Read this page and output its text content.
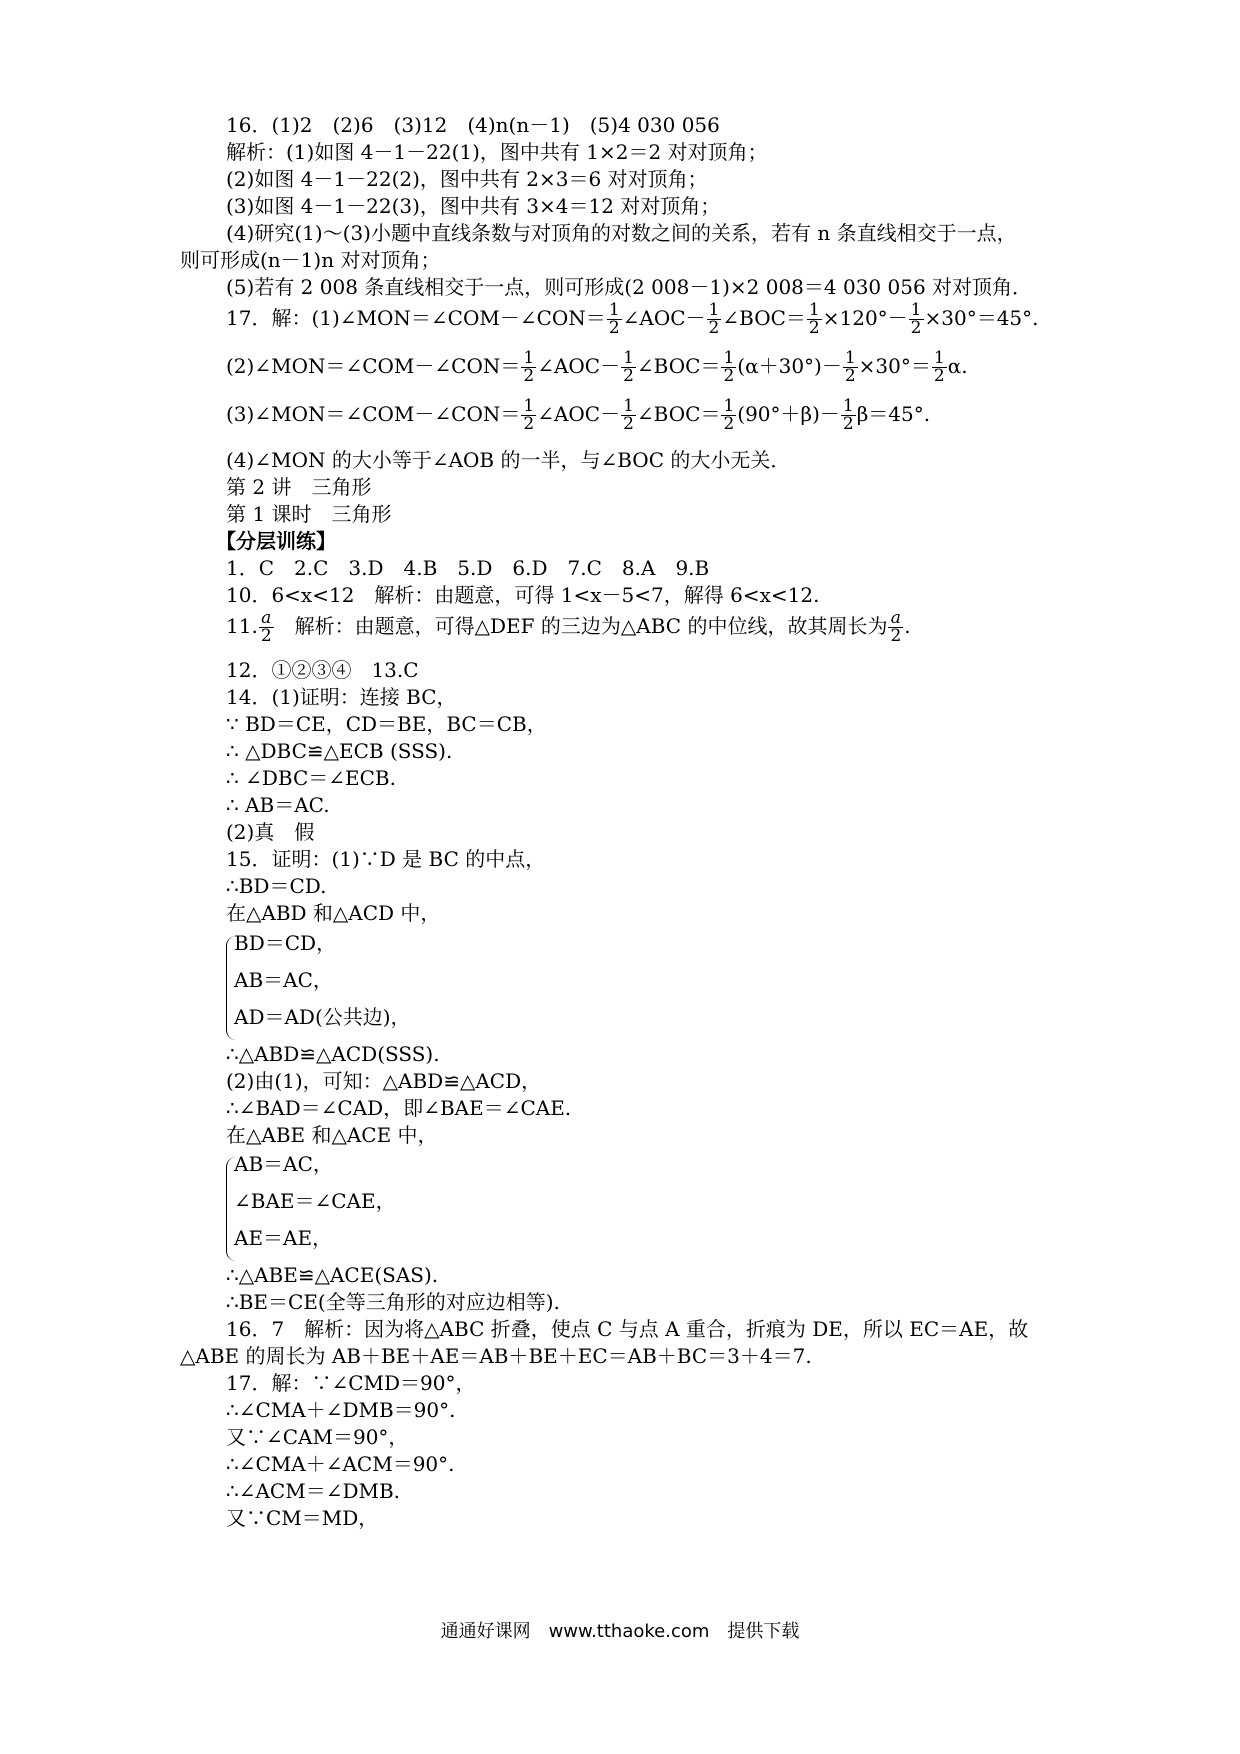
16．(1)2　(2)6　(3)12　(4)n(n－1)　(5)4 030 056
解析：(1)如图 4－1－22(1)，图中共有 1×2＝2 对对顶角；
(2)如图 4－1－22(2)，图中共有 2×3＝6 对对顶角；
(3)如图 4－1－22(3)，图中共有 3×4＝12 对对顶角；
(4)研究(1)～(3)小题中直线条数与对顶角的对数之间的关系，若有 n 条直线相交于一点，
则可形成(n－1)n 对对顶角；
(5)若有 2 008 条直线相交于一点，则可形成(2 008－1)×2 008＝4 030 056 对对顶角．
17．解：(1)∠MON＝∠COM－∠CON＝ $\frac{1}{2}$ ∠AOC－ $\frac{1}{2}$ ∠BOC＝ $\frac{1}{2} \times 120^\circ- \frac{1}{2} \times 30^\circ=45^\circ$.
(2)∠MON＝∠COM－∠CON＝ $\frac{1}{2}$ ∠AOC－ $\frac{1}{2}$ ∠BOC＝ $\frac{1}{2} (\alpha+30^\circ)- \frac{1}{2} \times 30^\circ= \frac{1}{2} \alpha$.
(3)∠MON＝∠COM－∠CON＝ $\frac{1}{2}$ ∠AOC－ $\frac{1}{2}$ ∠BOC＝ $\frac{1}{2} (90^\circ+\beta)- \frac{1}{2} \beta=45^\circ$.
(4)∠MON 的大小等于∠AOB 的一半，与∠BOC 的大小无关．
第 2 讲　三角形
第 1 课时　三角形
【分层训练】
1．C　2.C　3.D　4.B　5.D　6.D　7.C　8.A　9.B
10．6<x<12　解析：由题意，可得 1<x－5<7，解得 6<x<12.
11. $\frac{a}{2}$ 　解析：由题意，可得△DEF 的三边为△ABC 的中位线，故其周长为 $\frac{a}{2}$ .
12．①②③④　13.C
14．(1)证明：连接 BC，
∵ BD＝CE，CD＝BE，BC＝CB，
∴ △DBC≌△ECB (SSS).
∴ ∠DBC＝∠ECB.
∴ AB＝AC.
(2)真　假
15．证明：(1)∵D 是 BC 的中点，
∴BD＝CD.
在△ABD 和△ACD 中，
BD＝CD，
AB＝AC，
AD＝AD(公共边)，
∴△ABD≌△ACD(SSS).
(2)由(1)，可知：△ABD≌△ACD，
∴∠BAD＝∠CAD，即∠BAE＝∠CAE.
在△ABE 和△ACE 中，
AB＝AC，
∠BAE＝∠CAE，
AE＝AE，
∴△ABE≌△ACE(SAS).
∴BE＝CE(全等三角形的对应边相等).
16．7　解析：因为将△ABC 折叠，使点 C 与点 A 重合，折痕为 DE，所以 EC＝AE，故
△ABE 的周长为 AB＋BE＋AE＝AB＋BE＋EC＝AB＋BC＝3＋4＝7.
17．解：∵∠CMD＝90°，
∴∠CMA＋∠DMB＝90°.
又∵∠CAM＝90°，
∴∠CMA＋∠ACM＝90°.
∴∠ACM＝∠DMB.
又∵CM＝MD，
通通好课网　www.tthaoke.com　提供下载
